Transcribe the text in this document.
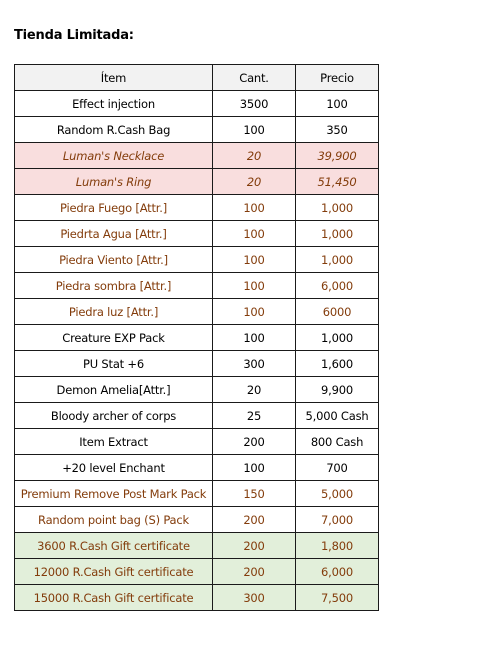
Tienda Limitada:
Ítem	Cant.	Precio
Effect injection	3500	100
Random R.Cash Bag	100	350
Luman's Necklace	20	39,900
Luman's Ring	20	51,450
Piedra Fuego [Attr.]	100	1,000
Piedrta Agua [Attr.]	100	1,000
Piedra Viento [Attr.]	100	1,000
Piedra sombra [Attr.]	100	6,000
Piedra luz [Attr.]	100	6000
Creature EXP Pack	100	1,000
PU Stat +6	300	1,600
Demon Amelia[Attr.]	20	9,900
Bloody archer of corps	25	5,000 Cash
Item Extract	200	800 Cash
+20 level Enchant	100	700
Premium Remove Post Mark Pack	150	5,000
Random point bag (S) Pack	200	7,000
3600 R.Cash Gift certificate	200	1,800
12000 R.Cash Gift certificate	200	6,000
15000 R.Cash Gift certificate	300	7,500
